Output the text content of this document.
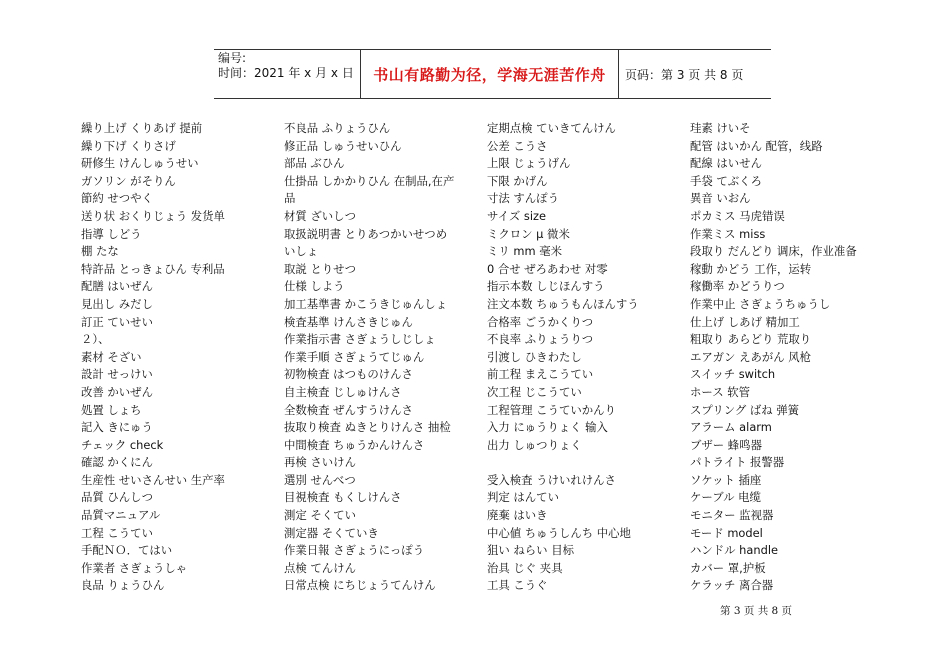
编号:
时间：2021 年 x 月 x 日	书山有路勤为径，学海无涯苦作舟 页码：第 3 页 共 8 页
繰り上げ くりあげ 提前
繰り下げ くりさげ
研修生 けんしゅうせい
ガソリン がそりん
節約 せつやく
送り状 おくりじょう 发货单
指導 しどう
棚 たな
特許品 とっきょひん 专利品
配膳 はいぜん
見出し みだし
訂正 ていせい
２）、
素材 そざい
設計 せっけい
改善 かいぜん
処置 しょち
記入 きにゅう
チェック check
確認 かくにん
生産性 せいさんせい 生产率
品質 ひんしつ
品質マニュアル
工程 こうてい
手配ＮＯ．てはい
作業者 さぎょうしゃ
良品 りょうひん
不良品 ふりょうひん
修正品 しゅうせいひん
部品 ぶひん
仕掛品 しかかりひん 在制品,在产
品
材質 ざいしつ
取扱説明書 とりあつかいせつめ
いしょ
取説 とりせつ
仕様 しよう
加工基準書 かこうきじゅんしょ
検査基準 けんさきじゅん
作業指示書 さぎょうしじしょ
作業手順 さぎょうてじゅん
初物検査 はつものけんさ
自主検査 じしゅけんさ
全数検査 ぜんすうけんさ
抜取り検査 ぬきとりけんさ 抽检
中間検査 ちゅうかんけんさ
再検 さいけん
選別 せんべつ
目視検査 もくしけんさ
測定 そくてい
測定器 そくていき
作業日報 さぎょうにっぽう
点検 てんけん
日常点検 にちじょうてんけん
定期点検 ていきてんけん
公差 こうさ
上限 じょうげん
下限 かげん
寸法 すんぽう
サイズ size
ミクロン μ 微米
ミリ mm 毫米
0 合せ ぜろあわせ 对零
指示本数 しじほんすう
注文本数 ちゅうもんほんすう
合格率 ごうかくりつ
不良率 ふりょうりつ
引渡し ひきわたし
前工程 まえこうてい
次工程 じこうてい
工程管理 こうていかんり
入力 にゅうりょく 输入
出力 しゅつりょく
受入検査 うけいれけんさ
判定 はんてい
廃棄 はいき
中心値 ちゅうしんち 中心地
狙い ねらい 目标
治具 じぐ 夹具
工具 こうぐ
珪素 けいそ
配管 はいかん 配管，线路
配線 はいせん
手袋 てぶくろ
異音 いおん
ポカミス 马虎错误
作業ミス miss
段取り だんどり 调床，作业准备
稼動 かどう 工作，运转
稼働率 かどうりつ
作業中止 さぎょうちゅうし
仕上げ しあげ 精加工
粗取り あらどり 荒取り
エアガン えあがん 风枪
スイッチ switch
ホース 软管
スプリング ばね 弹簧
アラーム alarm
ブザー 蜂鸣器
パトライト 报警器
ソケット 插座
ケーブル 电缆
モニター 监视器
モード model
ハンドル handle
カバー 罩,护板
ケラッチ 离合器
第 3 页 共 8 页
